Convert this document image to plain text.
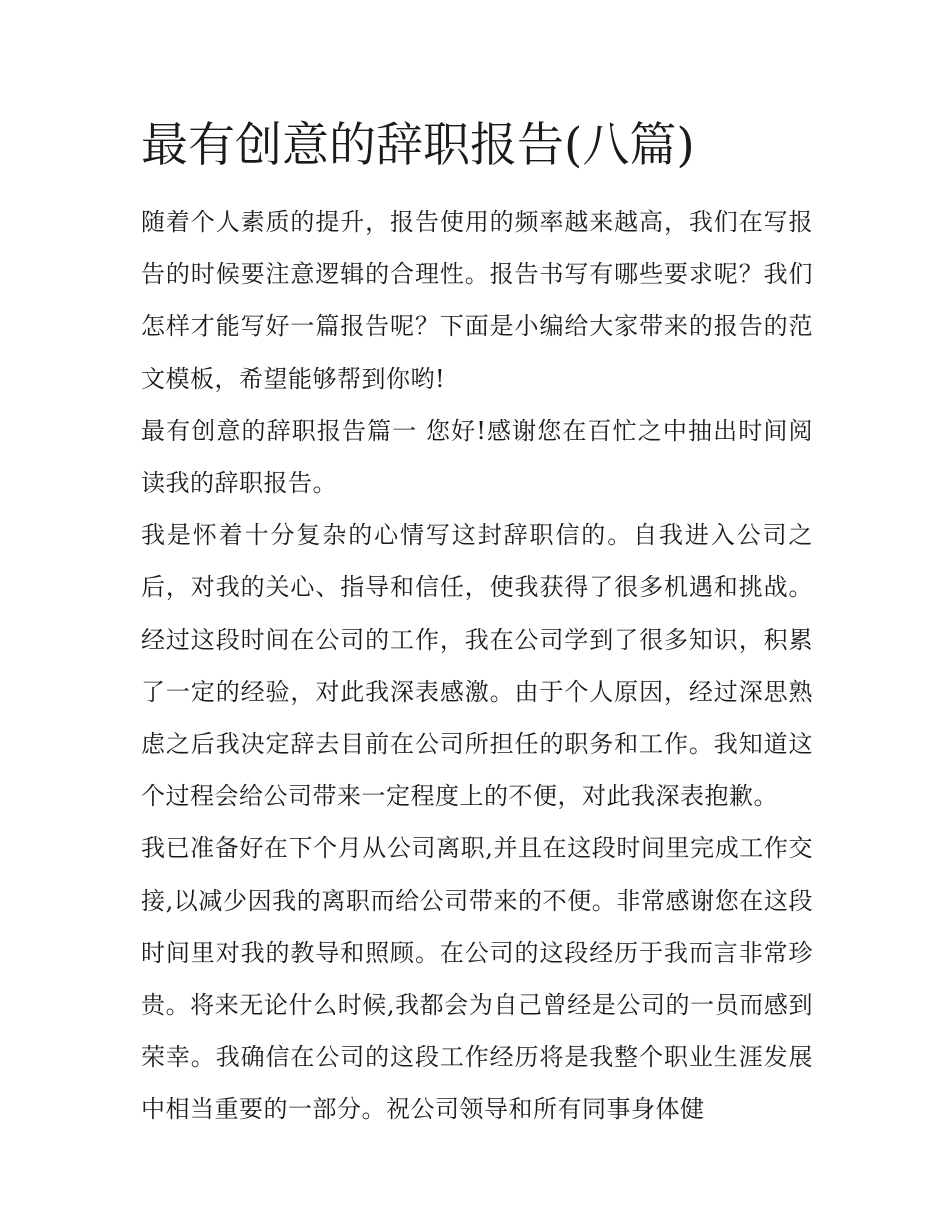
最有创意的辞职报告(八篇)

随着个人素质的提升，报告使用的频率越来越高，我们在写报告的时候要注意逻辑的合理性。报告书写有哪些要求呢？我们怎样才能写好一篇报告呢？下面是小编给大家带来的报告的范文模板，希望能够帮到你哟!

最有创意的辞职报告篇一 您好!感谢您在百忙之中抽出时间阅读我的辞职报告。

我是怀着十分复杂的心情写这封辞职信的。自我进入公司之后，对我的关心、指导和信任，使我获得了很多机遇和挑战。经过这段时间在公司的工作，我在公司学到了很多知识，积累了一定的经验，对此我深表感激。由于个人原因，经过深思熟虑之后我决定辞去目前在公司所担任的职务和工作。我知道这个过程会给公司带来一定程度上的不便，对此我深表抱歉。

我已准备好在下个月从公司离职,并且在这段时间里完成工作交接,以减少因我的离职而给公司带来的不便。非常感谢您在这段时间里对我的教导和照顾。在公司的这段经历于我而言非常珍贵。将来无论什么时候,我都会为自己曾经是公司的一员而感到荣幸。我确信在公司的这段工作经历将是我整个职业生涯发展中相当重要的一部分。祝公司领导和所有同事身体健
